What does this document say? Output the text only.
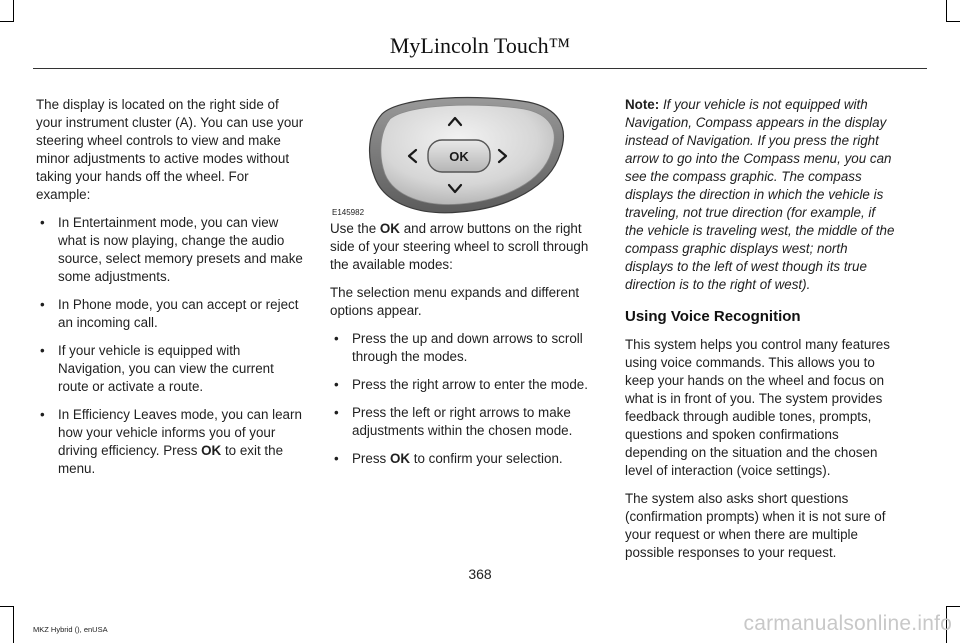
MyLincoln Touch™

The display is located on the right side of your instrument cluster (A). You can use your steering wheel controls to view and make minor adjustments to active modes without taking your hands off the wheel. For example:

• In Entertainment mode, you can view what is now playing, change the audio source, select memory presets and make some adjustments.
• In Phone mode, you can accept or reject an incoming call.
• If your vehicle is equipped with Navigation, you can view the current route or activate a route.
• In Efficiency Leaves mode, you can learn how your vehicle informs you of your driving efficiency. Press OK to exit the menu.
OK
E145982

Use the OK and arrow buttons on the right side of your steering wheel to scroll through the available modes:

The selection menu expands and different options appear.

• Press the up and down arrows to scroll through the modes.
• Press the right arrow to enter the mode.
• Press the left or right arrows to make adjustments within the chosen mode.
• Press OK to confirm your selection.

Note: If your vehicle is not equipped with Navigation, Compass appears in the display instead of Navigation. If you press the right arrow to go into the Compass menu, you can see the compass graphic. The compass displays the direction in which the vehicle is traveling, not true direction (for example, if the vehicle is traveling west, the middle of the compass graphic displays west; north displays to the left of west though its true direction is to the right of west).

Using Voice Recognition

This system helps you control many features using voice commands. This allows you to keep your hands on the wheel and focus on what is in front of you. The system provides feedback through audible tones, prompts, questions and spoken confirmations depending on the situation and the chosen level of interaction (voice settings).

The system also asks short questions (confirmation prompts) when it is not sure of your request or when there are multiple possible responses to your request.

368
MKZ Hybrid (), enUSA	carmanualsonline.info
